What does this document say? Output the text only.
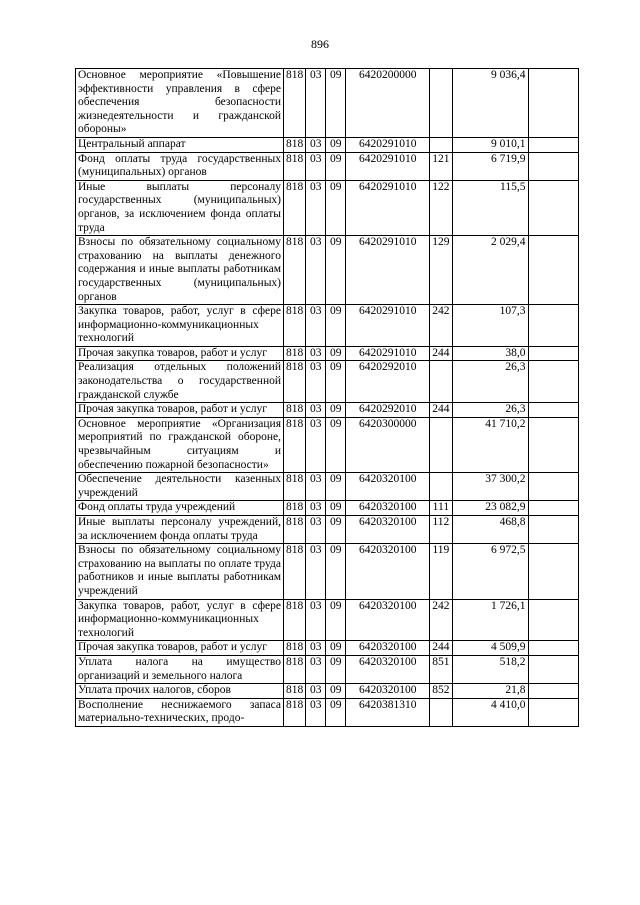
896
Основное мероприятие «Повышение эффективности управления в сфере обеспечения безопасности жизнедеятельности и гражданской обороны»	818	03	09	6420200000		9 036,4	
Центральный аппарат	818	03	09	6420291010		9 010,1	
Фонд оплаты труда государственных (муниципальных) органов	818	03	09	6420291010	121	6 719,9	
Иные выплаты персоналу государственных (муниципальных) органов, за исключением фонда оплаты труда	818	03	09	6420291010	122	115,5	
Взносы по обязательному социальному страхованию на выплаты денежного содержания и иные выплаты работникам государственных (муниципальных) органов	818	03	09	6420291010	129	2 029,4	
Закупка товаров, работ, услуг в сфере информационно-коммуникационных технологий	818	03	09	6420291010	242	107,3	
Прочая закупка товаров, работ и услуг	818	03	09	6420291010	244	38,0	
Реализация отдельных положений законодательства о государственной гражданской службе	818	03	09	6420292010		26,3	
Прочая закупка товаров, работ и услуг	818	03	09	6420292010	244	26,3	
Основное мероприятие «Организация мероприятий по гражданской обороне, чрезвычайным ситуациям и обеспечению пожарной безопасности»	818	03	09	6420300000		41 710,2	
Обеспечение деятельности казенных учреждений	818	03	09	6420320100		37 300,2	
Фонд оплаты труда учреждений	818	03	09	6420320100	111	23 082,9	
Иные выплаты персоналу учреждений, за исключением фонда оплаты труда	818	03	09	6420320100	112	468,8	
Взносы по обязательному социальному страхованию на выплаты по оплате труда работников и иные выплаты работникам учреждений	818	03	09	6420320100	119	6 972,5	
Закупка товаров, работ, услуг в сфере информационно-коммуникационных технологий	818	03	09	6420320100	242	1 726,1	
Прочая закупка товаров, работ и услуг	818	03	09	6420320100	244	4 509,9	
Уплата налога на имущество организаций и земельного налога	818	03	09	6420320100	851	518,2	
Уплата прочих налогов, сборов	818	03	09	6420320100	852	21,8	
Восполнение неснижаемого запаса материально-технических, продо-	818	03	09	6420381310		4 410,0	
